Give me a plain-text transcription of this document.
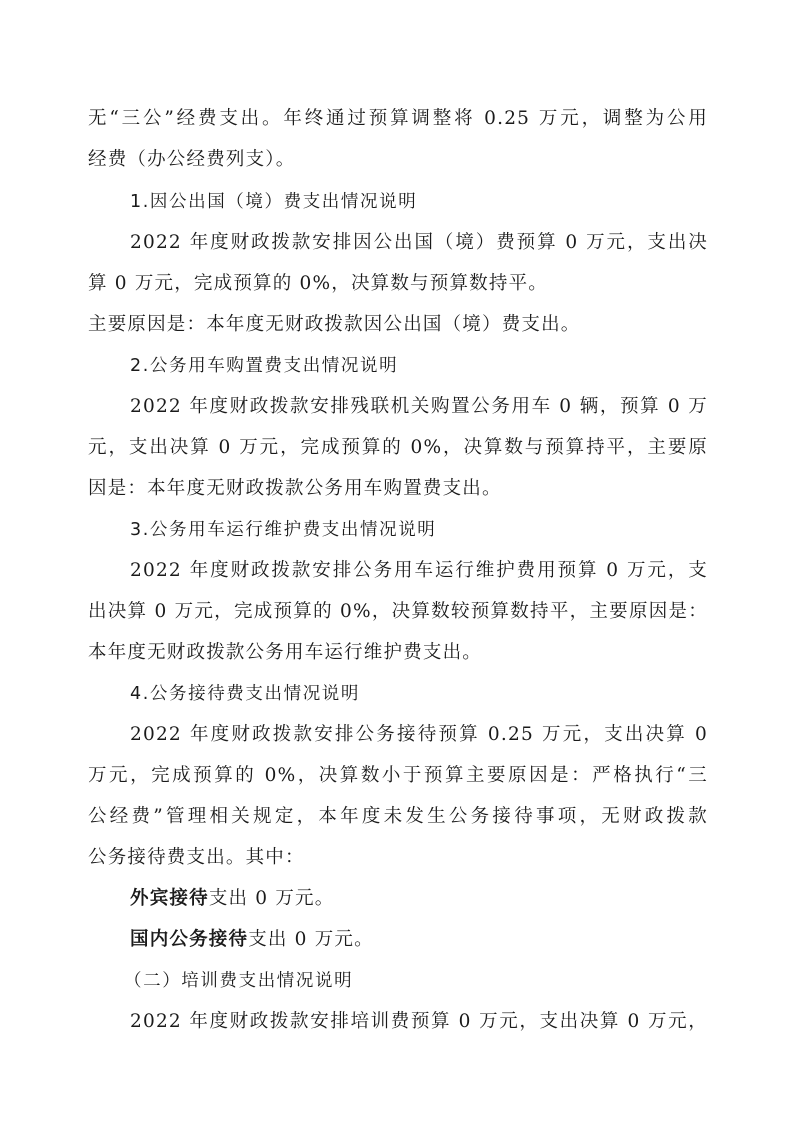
无“三公”经费支出。年终通过预算调整将 0.25 万元，调整为公用
经费（办公经费列支）。
1.因公出国（境）费支出情况说明
2022 年度财政拨款安排因公出国（境）费预算 0 万元，支出决
算 0 万元，完成预算的 0%，决算数与预算数持平。
主要原因是：本年度无财政拨款因公出国（境）费支出。
2.公务用车购置费支出情况说明
2022 年度财政拨款安排残联机关购置公务用车 0 辆，预算 0 万
元，支出决算 0 万元，完成预算的 0%，决算数与预算持平，主要原
因是：本年度无财政拨款公务用车购置费支出。
3.公务用车运行维护费支出情况说明
2022 年度财政拨款安排公务用车运行维护费用预算 0 万元，支
出决算 0 万元，完成预算的 0%，决算数较预算数持平，主要原因是：
本年度无财政拨款公务用车运行维护费支出。
4.公务接待费支出情况说明
2022 年度财政拨款安排公务接待预算 0.25 万元，支出决算 0
万元，完成预算的 0%，决算数小于预算主要原因是：严格执行“三
公经费”管理相关规定，本年度未发生公务接待事项，无财政拨款
公务接待费支出。其中：
外宾接待支出 0 万元。
国内公务接待支出 0 万元。
（二）培训费支出情况说明
2022 年度财政拨款安排培训费预算 0 万元，支出决算 0 万元，
